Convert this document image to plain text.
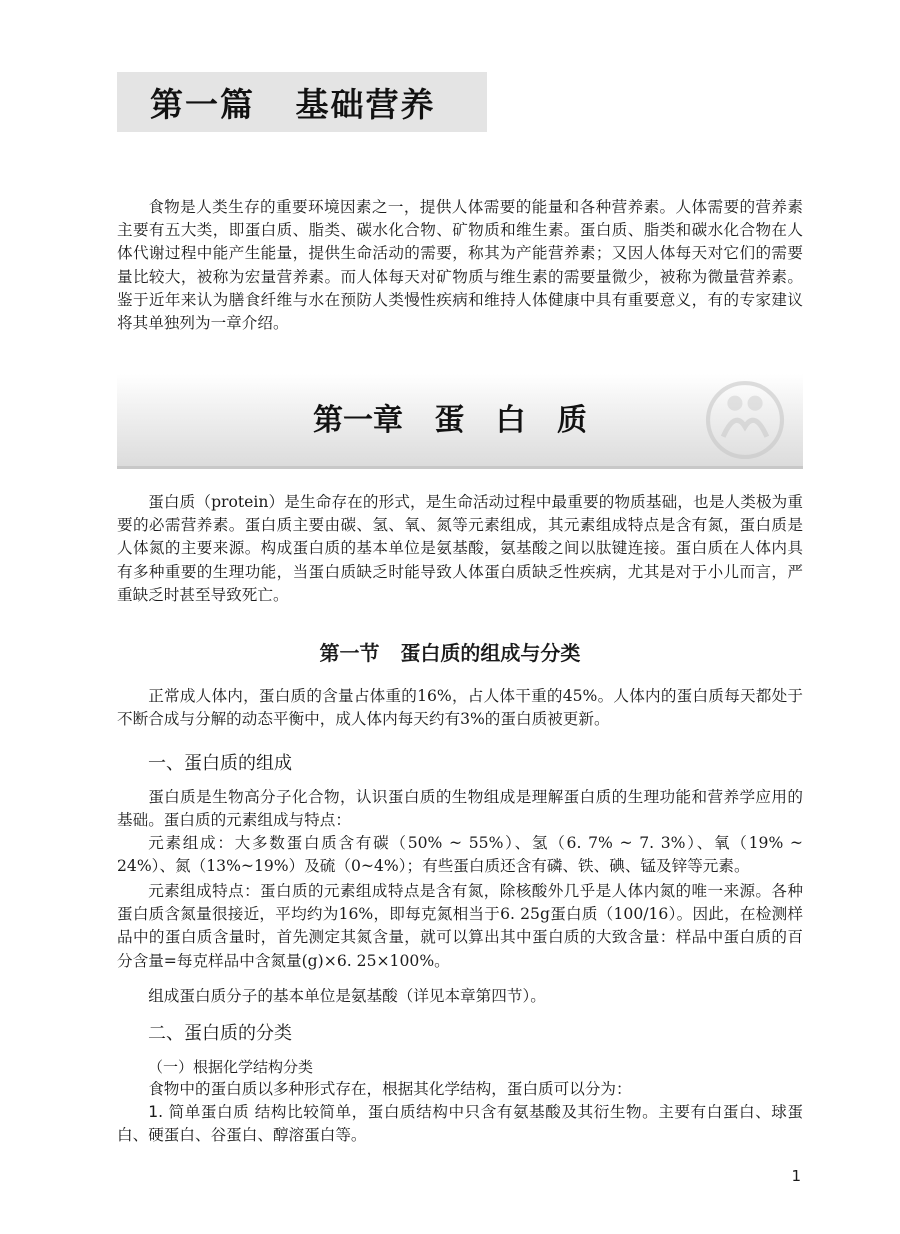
第一篇   基础营养

食物是人类生存的重要环境因素之一，提供人体需要的能量和各种营养素。人体需要的营养素主要有五大类，即蛋白质、脂类、碳水化合物、矿物质和维生素。蛋白质、脂类和碳水化合物在人体代谢过程中能产生能量，提供生命活动的需要，称其为产能营养素；又因人体每天对它们的需要量比较大，被称为宏量营养素。而人体每天对矿物质与维生素的需要量微少，被称为微量营养素。鉴于近年来认为膳食纤维与水在预防人类慢性疾病和维持人体健康中具有重要意义，有的专家建议将其单独列为一章介绍。

第一章   蛋   白   质

蛋白质（protein）是生命存在的形式，是生命活动过程中最重要的物质基础，也是人类极为重要的必需营养素。蛋白质主要由碳、氢、氧、氮等元素组成，其元素组成特点是含有氮，蛋白质是人体氮的主要来源。构成蛋白质的基本单位是氨基酸，氨基酸之间以肽键连接。蛋白质在人体内具有多种重要的生理功能，当蛋白质缺乏时能导致人体蛋白质缺乏性疾病，尤其是对于小儿而言，严重缺乏时甚至导致死亡。

第一节   蛋白质的组成与分类

正常成人体内，蛋白质的含量占体重的16%，占人体干重的45%。人体内的蛋白质每天都处于不断合成与分解的动态平衡中，成人体内每天约有3%的蛋白质被更新。

一、蛋白质的组成

蛋白质是生物高分子化合物，认识蛋白质的生物组成是理解蛋白质的生理功能和营养学应用的基础。蛋白质的元素组成与特点：

元素组成：大多数蛋白质含有碳（50% ~ 55%）、氢（6. 7% ~ 7. 3%）、氧（19% ~ 24%）、氮（13%~19%）及硫（0~4%）；有些蛋白质还含有磷、铁、碘、锰及锌等元素。

元素组成特点：蛋白质的元素组成特点是含有氮，除核酸外几乎是人体内氮的唯一来源。各种蛋白质含氮量很接近，平均约为16%，即每克氮相当于6. 25g蛋白质（100/16）。因此，在检测样品中的蛋白质含量时，首先测定其氮含量，就可以算出其中蛋白质的大致含量：样品中蛋白质的百分含量=每克样品中含氮量(g)×6. 25×100%。

组成蛋白质分子的基本单位是氨基酸（详见本章第四节）。

二、蛋白质的分类
（一）根据化学结构分类

食物中的蛋白质以多种形式存在，根据其化学结构，蛋白质可以分为：

1. 简单蛋白质 结构比较简单，蛋白质结构中只含有氨基酸及其衍生物。主要有白蛋白、球蛋白、硬蛋白、谷蛋白、醇溶蛋白等。

1
